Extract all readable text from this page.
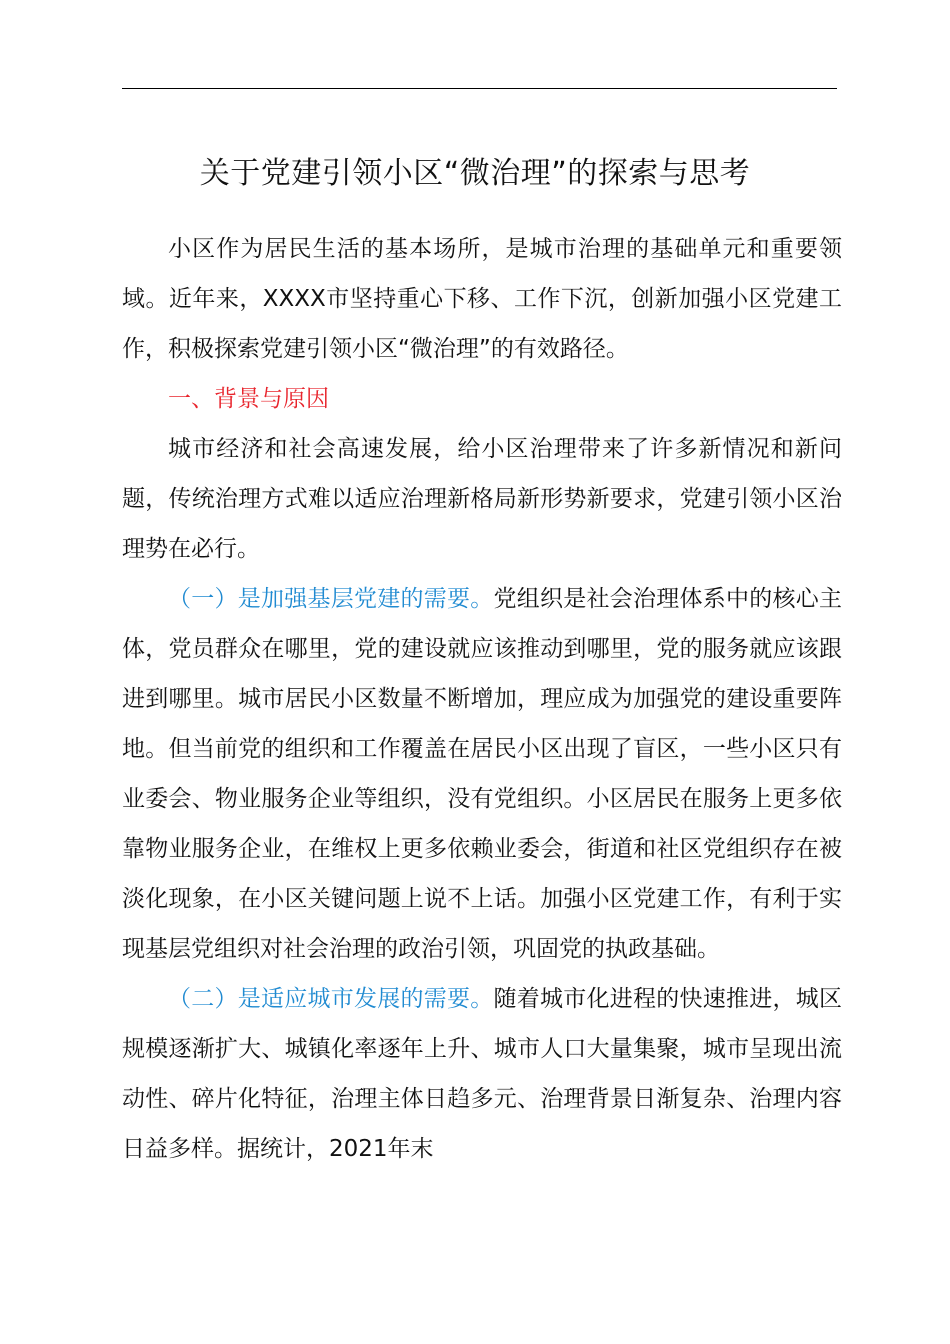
关于党建引领小区“微治理”的探索与思考

小区作为居民生活的基本场所，是城市治理的基础单元和重要领域。近年来，XXXX市坚持重心下移、工作下沉，创新加强小区党建工作，积极探索党建引领小区“微治理”的有效路径。

一、背景与原因

城市经济和社会高速发展，给小区治理带来了许多新情况和新问题，传统治理方式难以适应治理新格局新形势新要求，党建引领小区治理势在必行。

（一）是加强基层党建的需要。党组织是社会治理体系中的核心主体，党员群众在哪里，党的建设就应该推动到哪里，党的服务就应该跟进到哪里。城市居民小区数量不断增加，理应成为加强党的建设重要阵地。但当前党的组织和工作覆盖在居民小区出现了盲区，一些小区只有业委会、物业服务企业等组织，没有党组织。小区居民在服务上更多依靠物业服务企业，在维权上更多依赖业委会，街道和社区党组织存在被淡化现象，在小区关键问题上说不上话。加强小区党建工作，有利于实现基层党组织对社会治理的政治引领，巩固党的执政基础。

（二）是适应城市发展的需要。随着城市化进程的快速推进，城区规模逐渐扩大、城镇化率逐年上升、城市人口大量集聚，城市呈现出流动性、碎片化特征，治理主体日趋多元、治理背景日渐复杂、治理内容日益多样。据统计，2021年末
